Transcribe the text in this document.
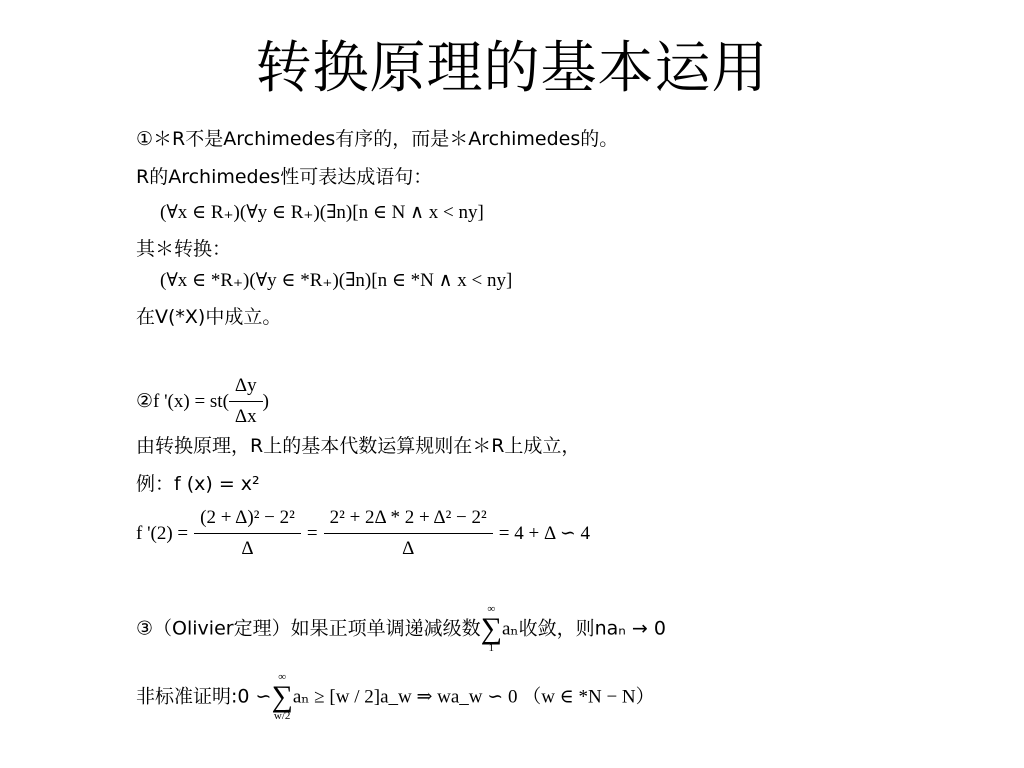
转换原理的基本运用
①＊R不是Archimedes有序的，而是＊Archimedes的。
R的Archimedes性可表达成语句：
(∀x ∈ R₊)(∀y ∈ R₊)(∃n)[n ∈ N ∧ x < ny]
其＊转换：
(∀x ∈ *R₊)(∀y ∈ *R₊)(∃n)[n ∈ *N ∧ x < ny]
在V(*X)中成立。
②f '$(x) = st( \frac{\Delta y}{\Delta x}$ )
由转换原理，R上的基本代数运算规则在＊R上成立，
例：f (x) = x²
f '$(2) = \frac{\text{(2 + Δ)² − 2²}}{\Delta} = \frac{\text{2² + 2Δ * 2 + Δ² − 2²}}{\Delta} = 4 + \Delta$ ∽ 4
③（Olivier定理）如果正项单调递减级数
∞
∑
1
aₙ收敛，则naₙ → 0
非标准证明:0 ∽
∞
∑
w/2
aₙ ≥ [w / 2]a_w ⇒ wa_w ∽ 0 （w ∈ *N − N）
